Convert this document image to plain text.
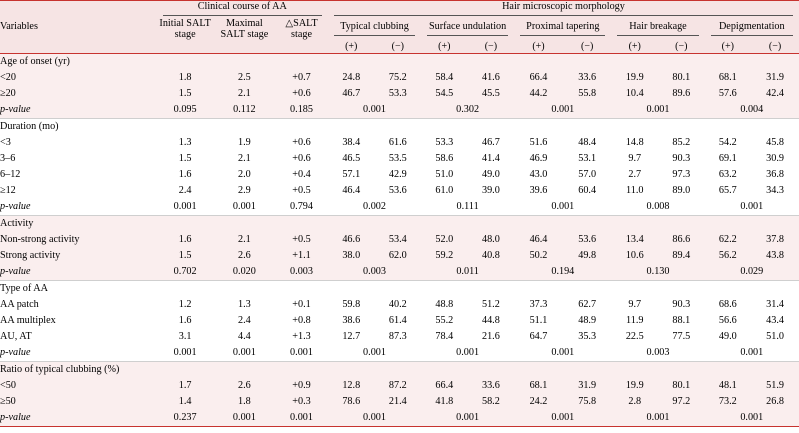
Variables	Clinical course of AA			Hair microscopic morphology									

	Initial SALT stage	Maximal SALT stage	△SALT stage	Typical clubbing		Surface undulation		Proximal tapering		Hair breakage		Depigmentation	

				(+)	(−)	(+)	(−)	(+)	(−)	(+)	(−)	(+)	(−)
Age of onset (yr)													
<20	1.8	2.5	+0.7	24.8	75.2	58.4	41.6	66.4	33.6	19.9	80.1	68.1	31.9
≥20	1.5	2.1	+0.6	46.7	53.3	54.5	45.5	44.2	55.8	10.4	89.6	57.6	42.4
p-value	0.095	0.112	0.185	0.001		0.302		0.001		0.001		0.004	
Duration (mo)													
<3	1.3	1.9	+0.6	38.4	61.6	53.3	46.7	51.6	48.4	14.8	85.2	54.2	45.8
3–6	1.5	2.1	+0.6	46.5	53.5	58.6	41.4	46.9	53.1	9.7	90.3	69.1	30.9
6–12	1.6	2.0	+0.4	57.1	42.9	51.0	49.0	43.0	57.0	2.7	97.3	63.2	36.8
≥12	2.4	2.9	+0.5	46.4	53.6	61.0	39.0	39.6	60.4	11.0	89.0	65.7	34.3
p-value	0.001	0.001	0.794	0.002		0.111		0.001		0.008		0.001	
Activity													
Non-strong activity	1.6	2.1	+0.5	46.6	53.4	52.0	48.0	46.4	53.6	13.4	86.6	62.2	37.8
Strong activity	1.5	2.6	+1.1	38.0	62.0	59.2	40.8	50.2	49.8	10.6	89.4	56.2	43.8
p-value	0.702	0.020	0.003	0.003		0.011		0.194		0.130		0.029	
Type of AA													
AA patch	1.2	1.3	+0.1	59.8	40.2	48.8	51.2	37.3	62.7	9.7	90.3	68.6	31.4
AA multiplex	1.6	2.4	+0.8	38.6	61.4	55.2	44.8	51.1	48.9	11.9	88.1	56.6	43.4
AU, AT	3.1	4.4	+1.3	12.7	87.3	78.4	21.6	64.7	35.3	22.5	77.5	49.0	51.0
p-value	0.001	0.001	0.001	0.001		0.001		0.001		0.003		0.001	
Ratio of typical clubbing (%)													
<50	1.7	2.6	+0.9	12.8	87.2	66.4	33.6	68.1	31.9	19.9	80.1	48.1	51.9
≥50	1.4	1.8	+0.3	78.6	21.4	41.8	58.2	24.2	75.8	2.8	97.2	73.2	26.8
p-value	0.237	0.001	0.001	0.001		0.001		0.001		0.001		0.001	
